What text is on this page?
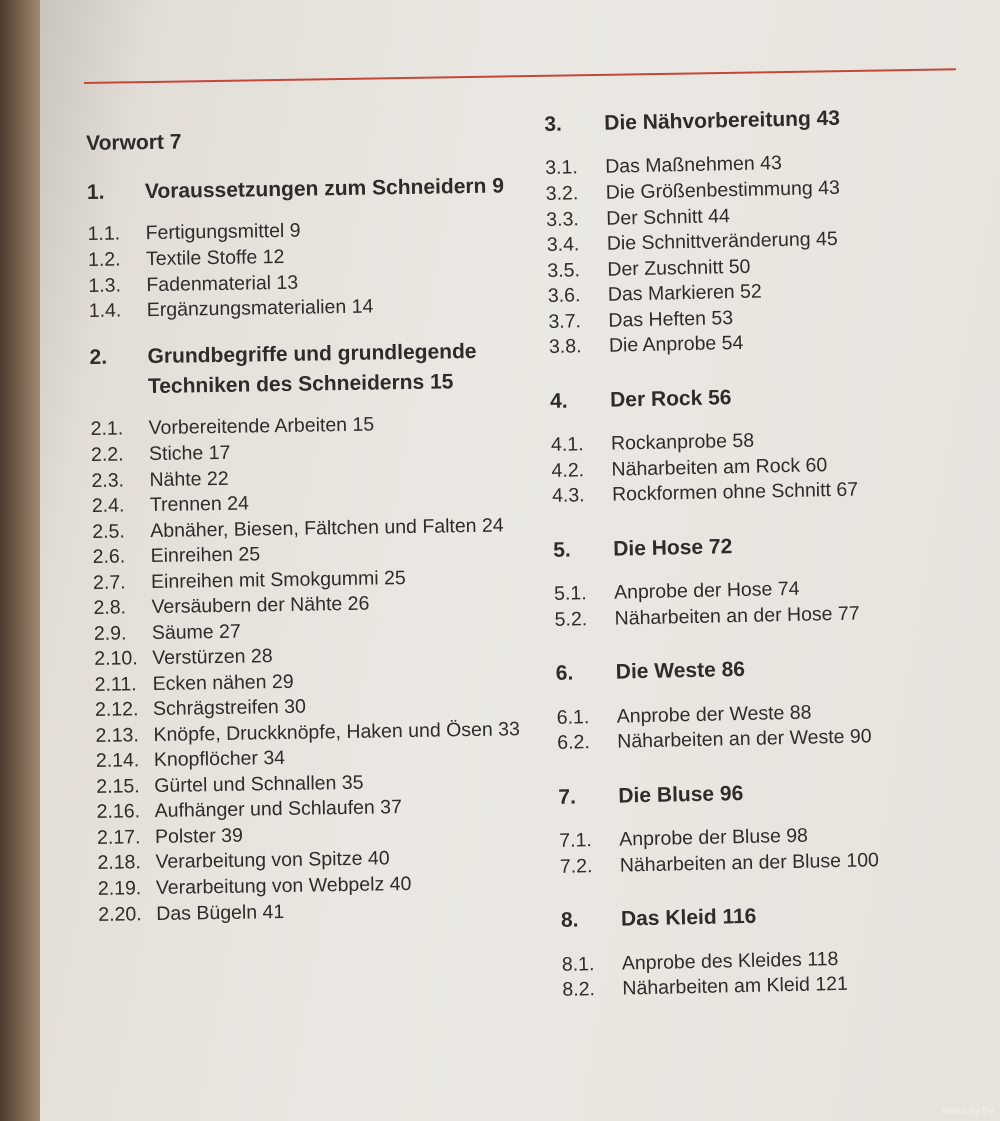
Vorwort 7
1.	Voraussetzungen zum Schneidern 9
1.1.	Fertigungsmittel 9
1.2.	Textile Stoffe 12
1.3.	Fadenmaterial 13
1.4.	Ergänzungsmaterialien 14
2.	Grundbegriffe und grundlegende Techniken des Schneiderns 15
2.1.	Vorbereitende Arbeiten 15
2.2.	Stiche 17
2.3.	Nähte 22
2.4.	Trennen 24
2.5.	Abnäher, Biesen, Fältchen und Falten 24
2.6.	Einreihen 25
2.7.	Einreihen mit Smokgummi 25
2.8.	Versäubern der Nähte 26
2.9.	Säume 27
2.10. Verstürzen 28
2.11. Ecken nähen 29
2.12. Schrägstreifen 30
2.13. Knöpfe, Druckknöpfe, Haken und Ösen 33
2.14. Knopflöcher 34
2.15. Gürtel und Schnallen 35
2.16. Aufhänger und Schlaufen 37
2.17. Polster 39
2.18. Verarbeitung von Spitze 40
2.19. Verarbeitung von Webpelz 40
2.20. Das Bügeln 41
3.	Die Nähvorbereitung 43
3.1.	Das Maßnehmen 43
3.2.	Die Größenbestimmung 43
3.3.	Der Schnitt 44
3.4.	Die Schnittveränderung 45
3.5.	Der Zuschnitt 50
3.6.	Das Markieren 52
3.7.	Das Heften 53
3.8.	Die Anprobe 54
4.	Der Rock 56
4.1.	Rockanprobe 58
4.2.	Näharbeiten am Rock 60
4.3.	Rockformen ohne Schnitt 67
5.	Die Hose 72
5.1.	Anprobe der Hose 74
5.2.	Näharbeiten an der Hose 77
6.	Die Weste 86
6.1.	Anprobe der Weste 88
6.2.	Näharbeiten an der Weste 90
7.	Die Bluse 96
7.1.	Anprobe der Bluse 98
7.2.	Näharbeiten an der Bluse 100
8.	Das Kleid 116
8.1.	Anprobe des Kleides 118
8.2.	Näharbeiten am Kleid 121
www.ay.by
